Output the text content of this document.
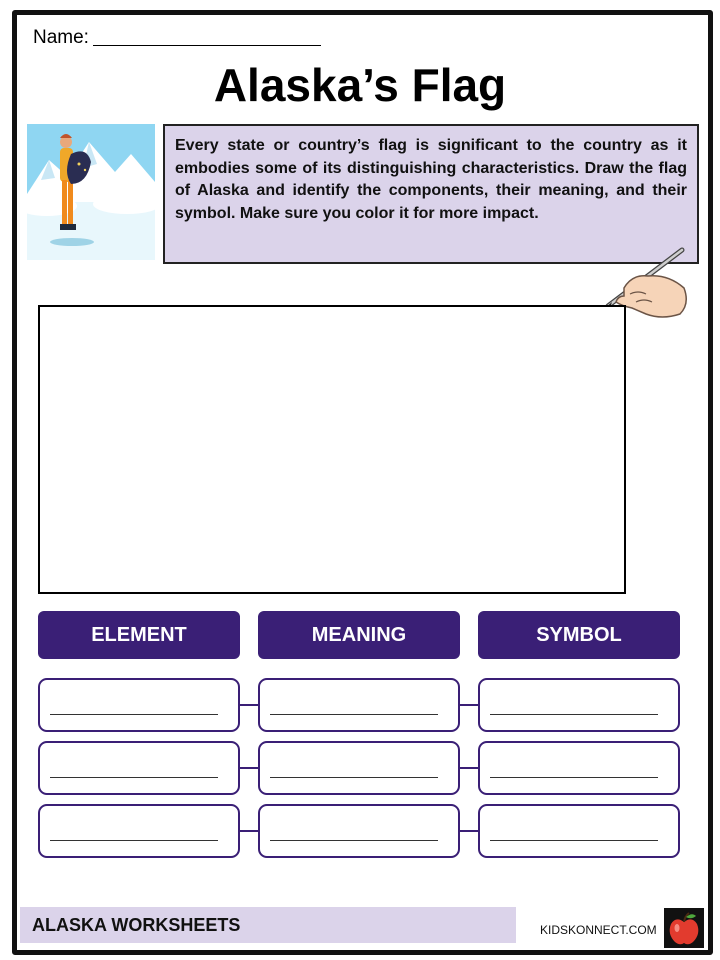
Name:
Alaska’s Flag
Every state or country’s flag is significant to the country as it embodies some of its distinguishing characteristics. Draw the flag of Alaska and identify the components, their meaning, and their symbol. Make sure you color it for more impact.
ELEMENT	MEANING	SYMBOL
ALASKA WORKSHEETS	KIDSKONNECT.COM
